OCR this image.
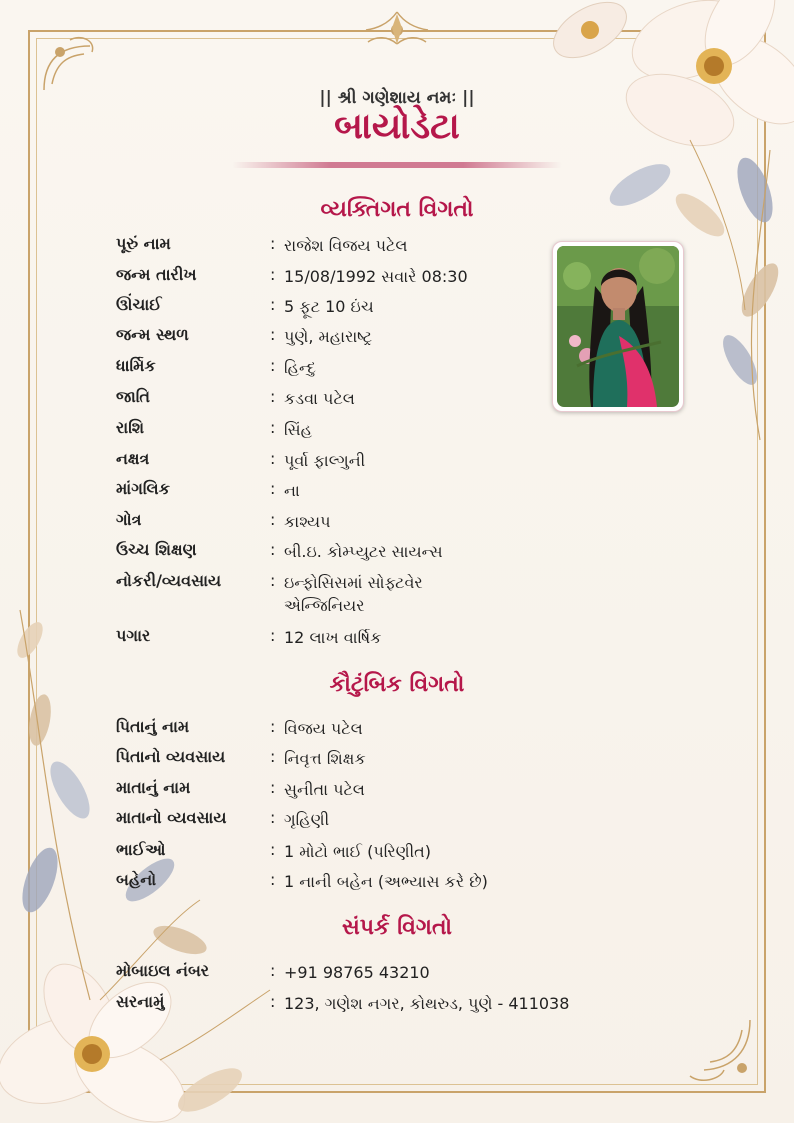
|| શ્રી ગણેશાય નમઃ ||
બાયોડેટા
વ્યક્તિગત વિગતો
પૂરું નામ	: રાજેશ વિજય પટેલ
જન્મ તારીખ	: 15/08/1992 સવારે 08:30
ઊંચાઈ	: 5 ફૂટ 10 ઇંચ
જન્મ સ્થળ	: પુણે, મહારાષ્ટ્ર
ધાર્મિક	: હિન્દુ
જાતિ	: કડવા પટેલ
રાશિ	: સિંહ
નક્ષત્ર	: પૂર્વા ફાલ્ગુની
માંગલિક	: ના
ગોત્ર	: કાશ્યપ
ઉચ્ચ શિક્ષણ	: બી.ઇ. કોમ્પ્યુટર સાયન્સ
નોકરી/વ્યવસાય	: ઇન્ફોસિસમાં સોફ્ટવેર એન્જિનિયર
પગાર	: 12 લાખ વાર્ષિક
કૌટુંબિક વિગતો
પિતાનું નામ	: વિજય પટેલ
પિતાનો વ્યવસાય	: નિવૃત્ત શિક્ષક
માતાનું નામ	: સુનીતા પટેલ
માતાનો વ્યવસાય	: ગૃહિણી
ભાઈઓ	: 1 મોટો ભાઈ (પરિણીત)
બહેનો	: 1 નાની બહેન (અભ્યાસ કરે છે)
સંપર્ક વિગતો
મોબાઇલ નંબર	: +91 98765 43210
સરનામું	: 123, ગણેશ નગર, કોથરુડ, પુણે - 411038
